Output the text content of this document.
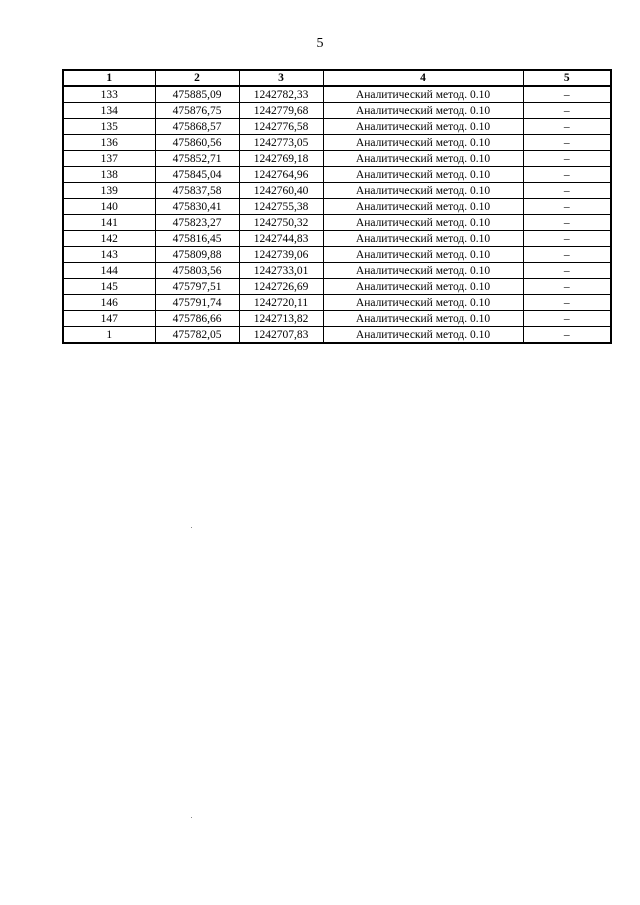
5
1	2	3	4	5
133	475885,09	1242782,33	Аналитический метод. 0.10	–
134	475876,75	1242779,68	Аналитический метод. 0.10	–
135	475868,57	1242776,58	Аналитический метод. 0.10	–
136	475860,56	1242773,05	Аналитический метод. 0.10	–
137	475852,71	1242769,18	Аналитический метод. 0.10	–
138	475845,04	1242764,96	Аналитический метод. 0.10	–
139	475837,58	1242760,40	Аналитический метод. 0.10	–
140	475830,41	1242755,38	Аналитический метод. 0.10	–
141	475823,27	1242750,32	Аналитический метод. 0.10	–
142	475816,45	1242744,83	Аналитический метод. 0.10	–
143	475809,88	1242739,06	Аналитический метод. 0.10	–
144	475803,56	1242733,01	Аналитический метод. 0.10	–
145	475797,51	1242726,69	Аналитический метод. 0.10	–
146	475791,74	1242720,11	Аналитический метод. 0.10	–
147	475786,66	1242713,82	Аналитический метод. 0.10	–
1	475782,05	1242707,83	Аналитический метод. 0.10	–
